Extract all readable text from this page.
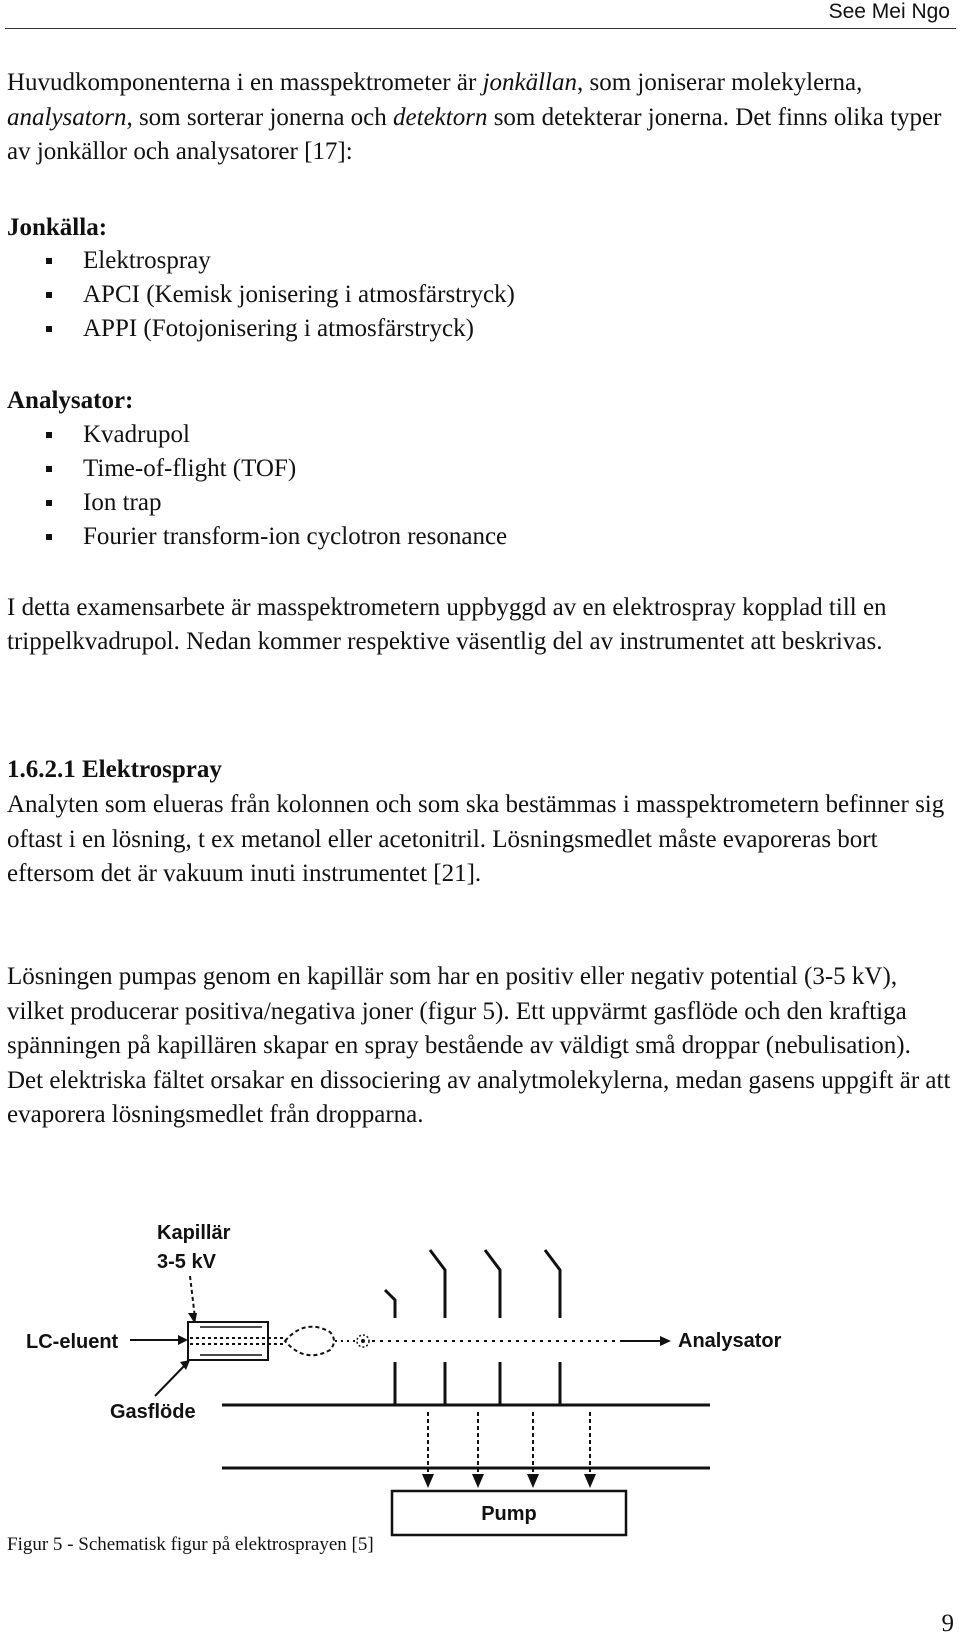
See Mei Ngo

Huvudkomponenterna i en masspektrometer är jonkällan, som joniserar molekylerna, analysatorn, som sorterar jonerna och detektorn som detekterar jonerna. Det finns olika typer av jonkällor och analysatorer [17]:

Jonkälla:

Elektrospray
APCI (Kemisk jonisering i atmosfärstryck)
APPI (Fotojonisering i atmosfärstryck)

Analysator:

Kvadrupol
Time-of-flight (TOF)
Ion trap
Fourier transform-ion cyclotron resonance

I detta examensarbete är masspektrometern uppbyggd av en elektrospray kopplad till en trippelkvadrupol. Nedan kommer respektive väsentlig del av instrumentet att beskrivas.

1.6.2.1 Elektrospray

Analyten som elueras från kolonnen och som ska bestämmas i masspektrometern befinner sig oftast i en lösning, t ex metanol eller acetonitril. Lösningsmedlet måste evaporeras bort eftersom det är vakuum inuti instrumentet [21].

Lösningen pumpas genom en kapillär som har en positiv eller negativ potential (3-5 kV), vilket producerar positiva/negativa joner (figur 5). Ett uppvärmt gasflöde och den kraftiga spänningen på kapillären skapar en spray bestående av väldigt små droppar (nebulisation). Det elektriska fältet orsakar en dissociering av analytmolekylerna, medan gasens uppgift är att evaporera lösningsmedlet från dropparna.

Kapillär
3-5 kV
LC-eluent
Gasflöde
Analysator
Pump

Figur 5 - Schematisk figur på elektrosprayen [5]

9
